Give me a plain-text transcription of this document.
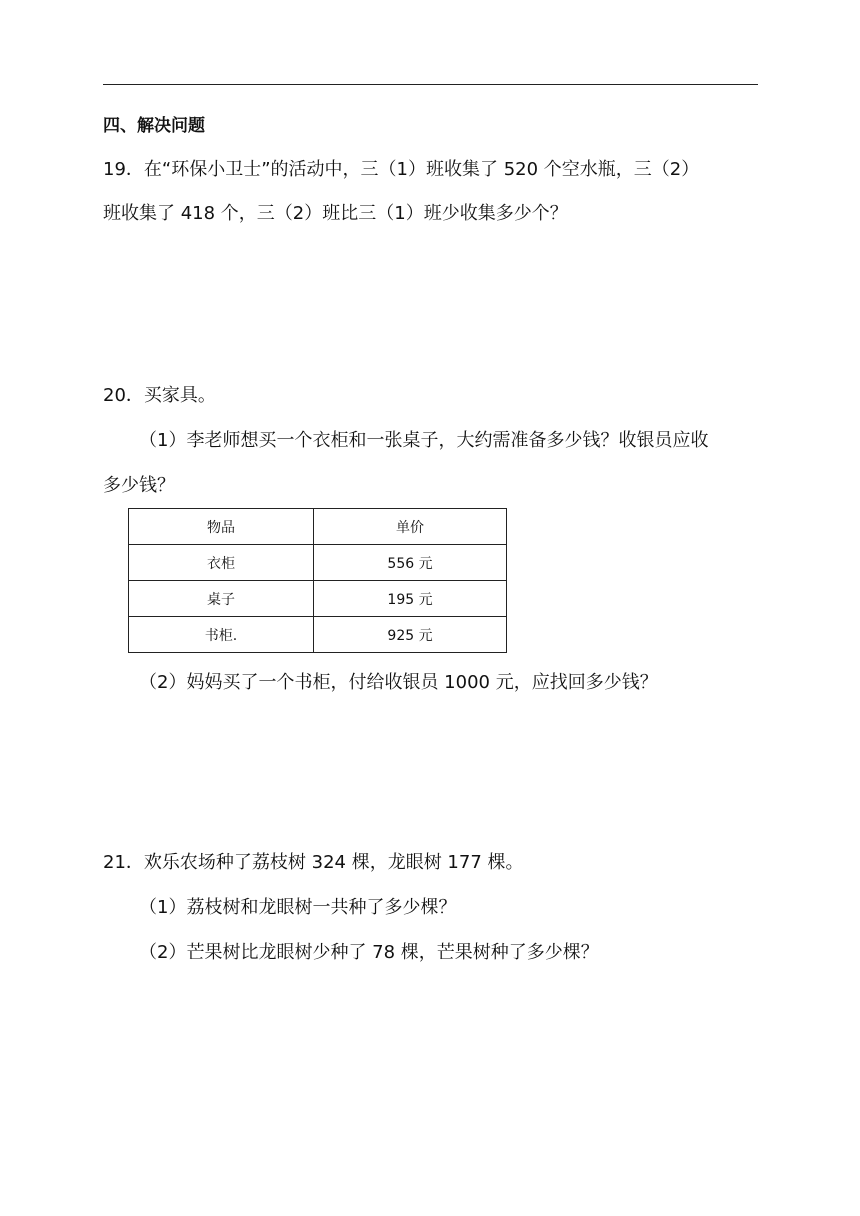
四、解决问题
19．在“环保小卫士”的活动中，三（1）班收集了 520 个空水瓶，三（2）
班收集了 418 个，三（2）班比三（1）班少收集多少个？
20．买家具。
（1）李老师想买一个衣柜和一张桌子，大约需准备多少钱？收银员应收
多少钱？
物品	单价
衣柜	556 元
桌子	195 元
书柜.	925 元
（2）妈妈买了一个书柜，付给收银员 1000 元，应找回多少钱？
21．欢乐农场种了荔枝树 324 棵，龙眼树 177 棵。
（1）荔枝树和龙眼树一共种了多少棵？
（2）芒果树比龙眼树少种了 78 棵，芒果树种了多少棵？
